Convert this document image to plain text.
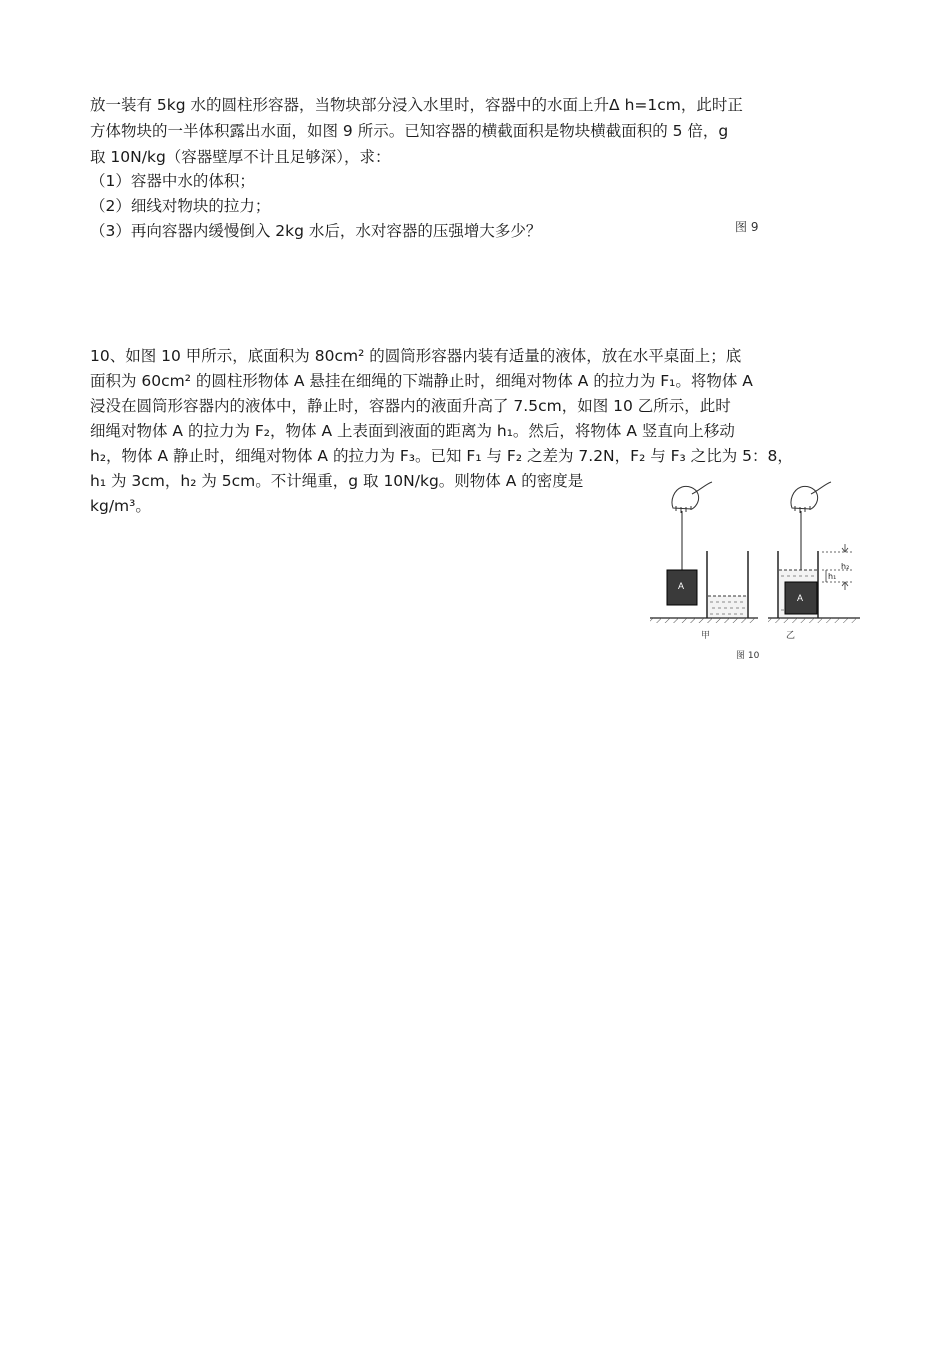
放一装有 5kg 水的圆柱形容器，当物块部分浸入水里时，容器中的水面上升Δ h=1cm，此时正

方体物块的一半体积露出水面，如图 9 所示。已知容器的横截面积是物块横截面积的 5 倍，g

取 10N/kg（容器壁厚不计且足够深），求：

（1）容器中水的体积；

（2）细线对物块的拉力；

（3）再向容器内缓慢倒入 2kg 水后，水对容器的压强增大多少？	图 9

10、如图 10 甲所示，底面积为 80cm² 的圆筒形容器内装有适量的液体，放在水平桌面上；底

面积为 60cm² 的圆柱形物体 A 悬挂在细绳的下端静止时，细绳对物体 A 的拉力为 F₁。将物体 A

浸没在圆筒形容器内的液体中，静止时，容器内的液面升高了 7.5cm，如图 10 乙所示，此时

细绳对物体 A 的拉力为 F₂，物体 A 上表面到液面的距离为 h₁。然后，将物体 A 竖直向上移动

h₂，物体 A 静止时，细绳对物体 A 的拉力为 F₃。已知 F₁ 与 F₂ 之差为 7.2N，F₂ 与 F₃ 之比为 5：8，

h₁ 为 3cm，h₂ 为 5cm。不计绳重，g 取 10N/kg。则物体 A 的密度是

kg/m³。

A
甲
A
h₂
h₁
乙
图 10
